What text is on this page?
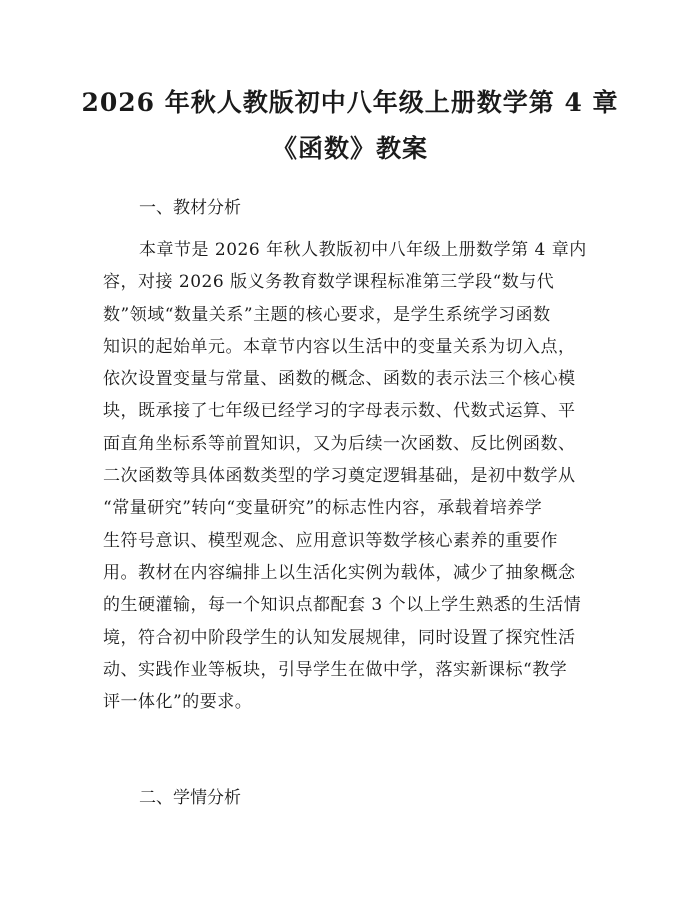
2026 年秋人教版初中八年级上册数学第 4 章
《函数》教案
一、教材分析
本章节是 2026 年秋人教版初中八年级上册数学第 4 章内
容，对接 2026 版义务教育数学课程标准第三学段“数与代
数”领域“数量关系”主题的核心要求，是学生系统学习函数
知识的起始单元。本章节内容以生活中的变量关系为切入点，
依次设置变量与常量、函数的概念、函数的表示法三个核心模
块，既承接了七年级已经学习的字母表示数、代数式运算、平
面直角坐标系等前置知识，又为后续一次函数、反比例函数、
二次函数等具体函数类型的学习奠定逻辑基础，是初中数学从
“常量研究”转向“变量研究”的标志性内容，承载着培养学
生符号意识、模型观念、应用意识等数学核心素养的重要作
用。教材在内容编排上以生活化实例为载体，减少了抽象概念
的生硬灌输，每一个知识点都配套 3 个以上学生熟悉的生活情
境，符合初中阶段学生的认知发展规律，同时设置了探究性活
动、实践作业等板块，引导学生在做中学，落实新课标“教学
评一体化”的要求。
二、学情分析
